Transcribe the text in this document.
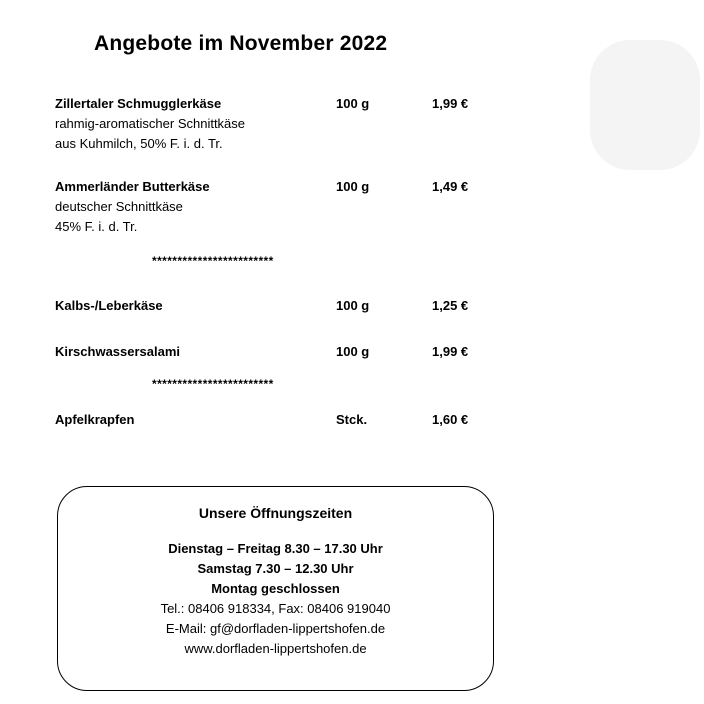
Angebote im November 2022
Zillertaler Schmugglerkäse
rahmig-aromatischer Schnittkäse
aus Kuhmilch, 50% F. i. d. Tr.
100 g	1,99 €
Ammerländer Butterkäse
deutscher Schnittkäse
45% F. i. d. Tr.
100 g	1,49 €
************************
Kalbs-/Leberkäse	100 g	1,25 €
Kirschwassersalami	100 g	1,99 €
************************
Apfelkrapfen	Stck.	1,60 €
Unsere Öffnungszeiten
Dienstag – Freitag 8.30 – 17.30 Uhr
Samstag 7.30 – 12.30 Uhr
Montag geschlossen
Tel.: 08406 918334, Fax: 08406 919040
E-Mail: gf@dorfladen-lippertshofen.de
www.dorfladen-lippertshofen.de
